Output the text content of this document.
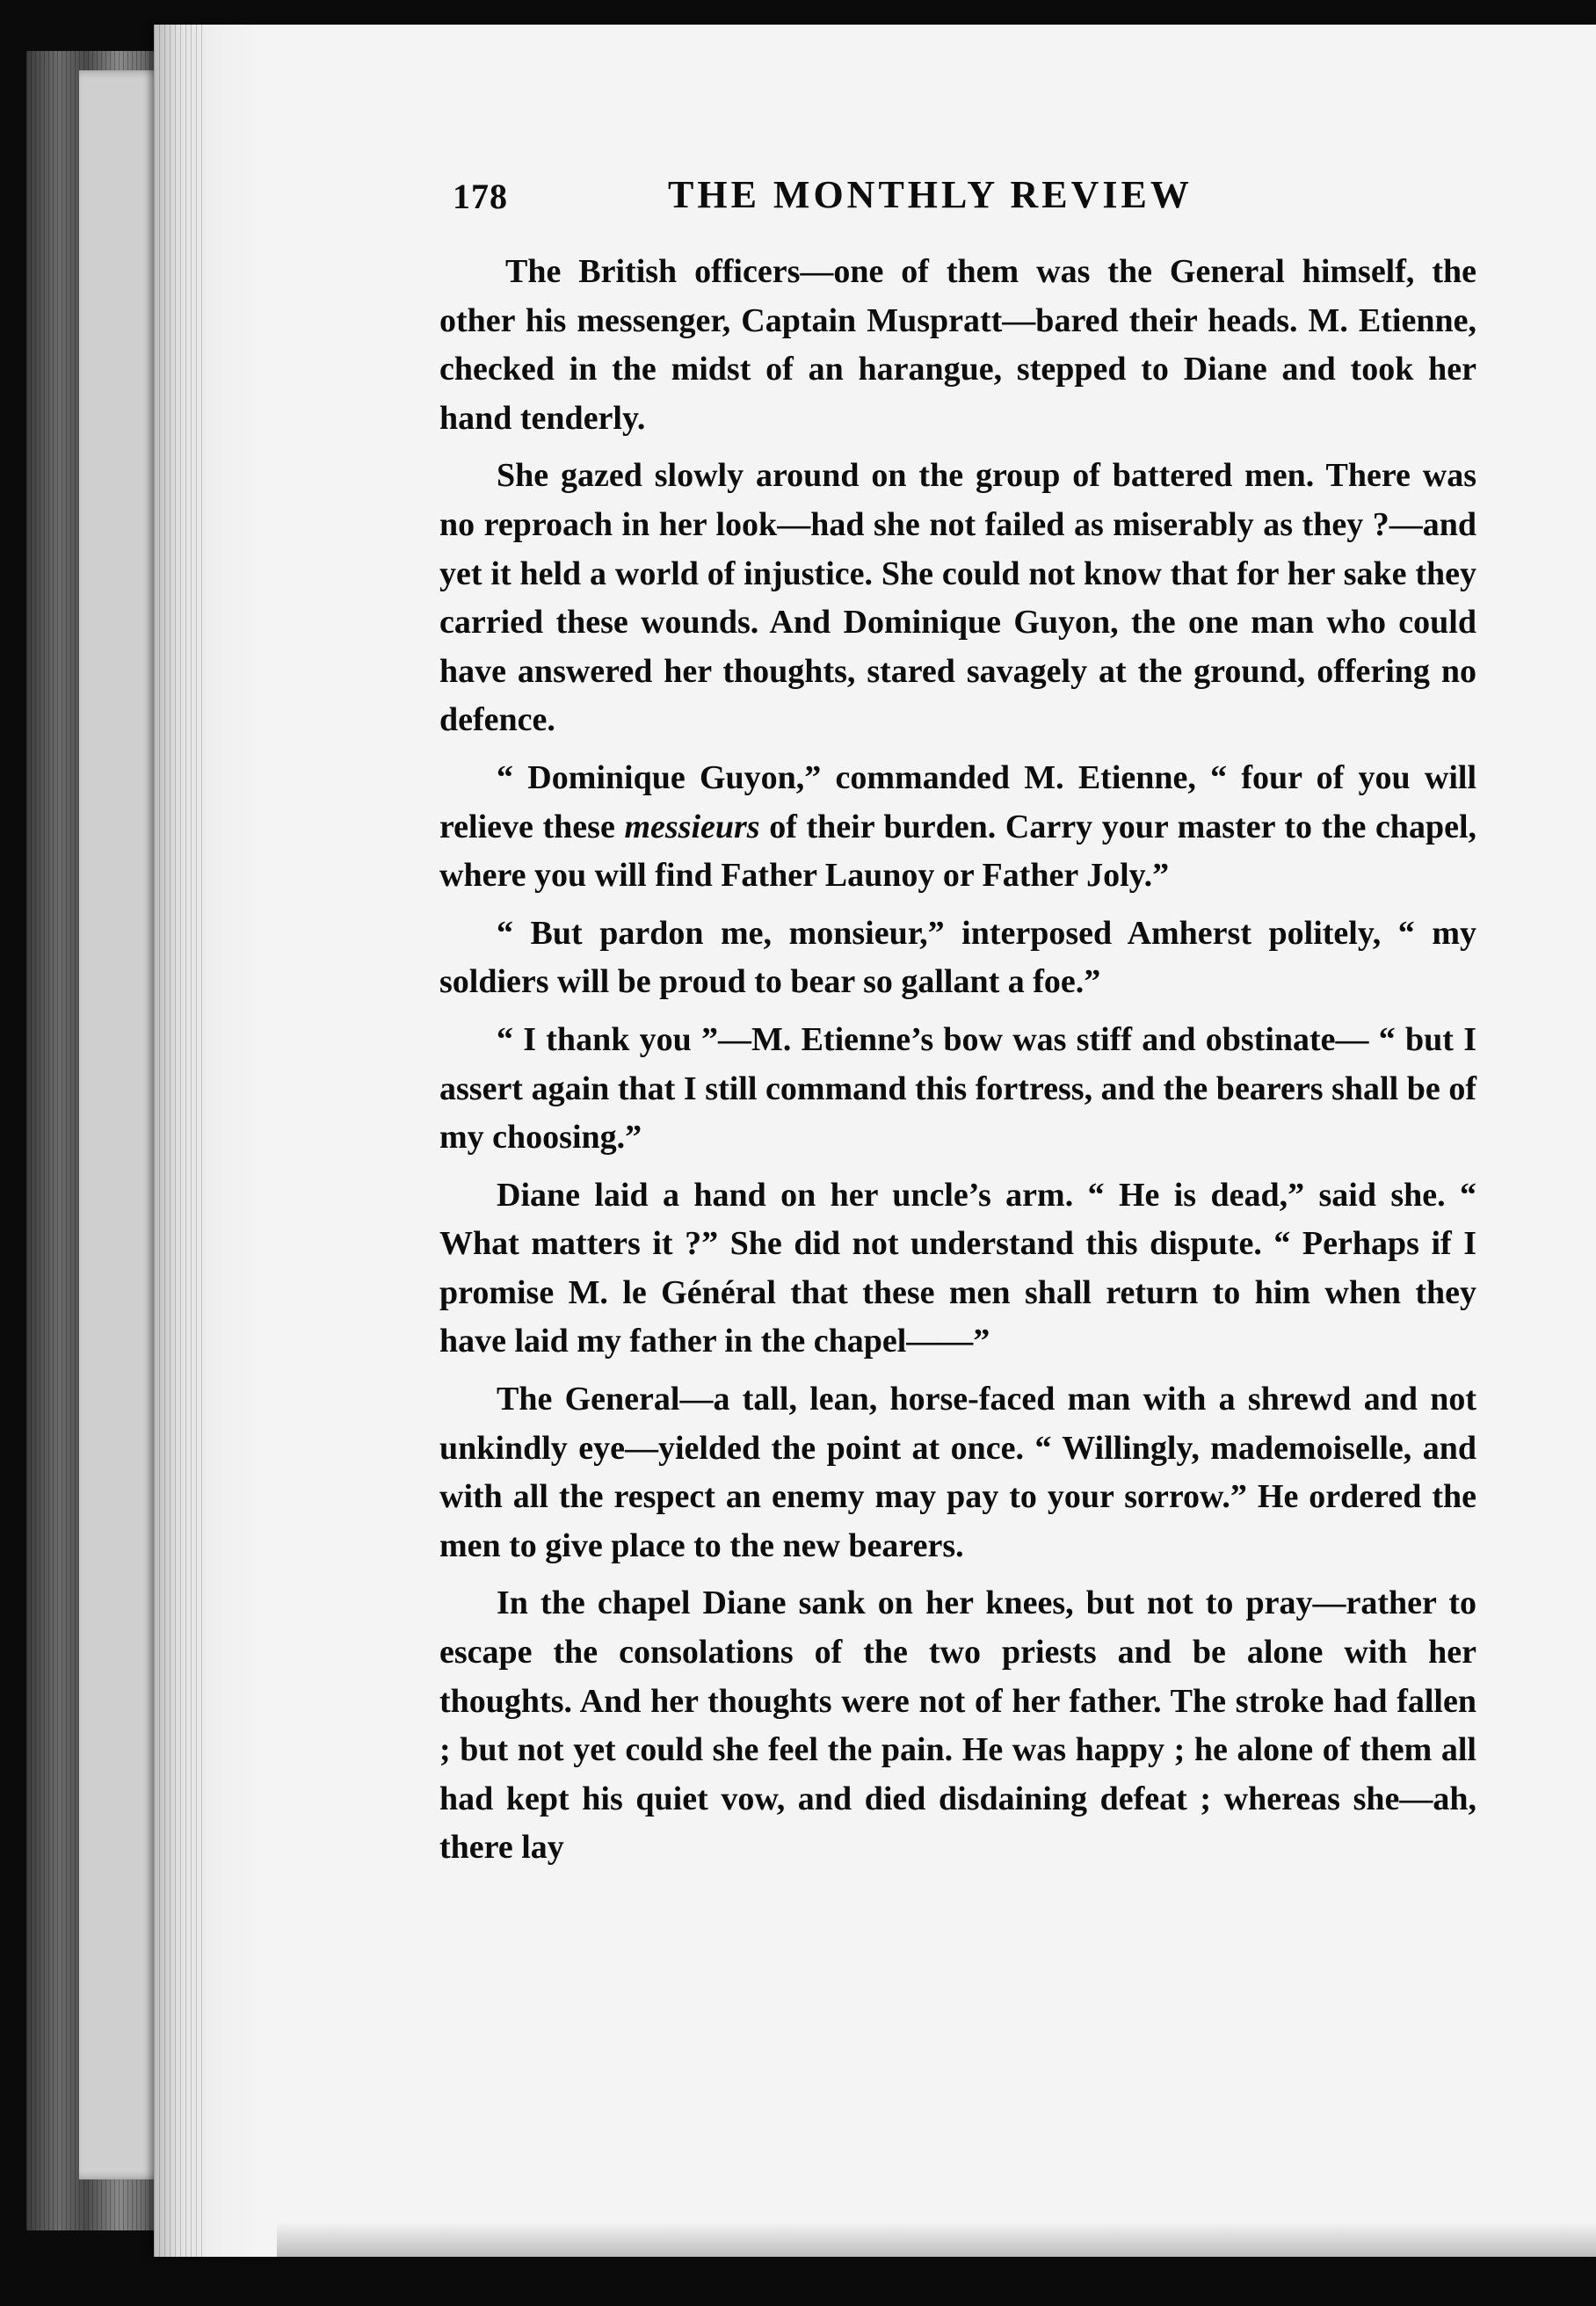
178	THE MONTHLY REVIEW

The British officers—one of them was the General himself, the other his messenger, Captain Muspratt—bared their heads. M. Etienne, checked in the midst of an harangue, stepped to Diane and took her hand tenderly.

She gazed slowly around on the group of battered men. There was no reproach in her look—had she not failed as miserably as they ?—and yet it held a world of injustice. She could not know that for her sake they carried these wounds. And Dominique Guyon, the one man who could have answered her thoughts, stared savagely at the ground, offering no defence.

“ Dominique Guyon,” commanded M. Etienne, “ four of you will relieve these messieurs of their burden. Carry your master to the chapel, where you will find Father Launoy or Father Joly.”

“ But pardon me, monsieur,” interposed Amherst politely, “ my soldiers will be proud to bear so gallant a foe.”

“ I thank you ”—M. Etienne’s bow was stiff and obstinate— “ but I assert again that I still command this fortress, and the bearers shall be of my choosing.”

Diane laid a hand on her uncle’s arm. “ He is dead,” said she. “ What matters it ?” She did not understand this dispute. “ Perhaps if I promise M. le Général that these men shall return to him when they have laid my father in the chapel——”

The General—a tall, lean, horse-faced man with a shrewd and not unkindly eye—yielded the point at once. “ Willingly, mademoiselle, and with all the respect an enemy may pay to your sorrow.” He ordered the men to give place to the new bearers.

In the chapel Diane sank on her knees, but not to pray—rather to escape the consolations of the two priests and be alone with her thoughts. And her thoughts were not of her father. The stroke had fallen ; but not yet could she feel the pain. He was happy ; he alone of them all had kept his quiet vow, and died disdaining defeat ; whereas she—ah, there lay
